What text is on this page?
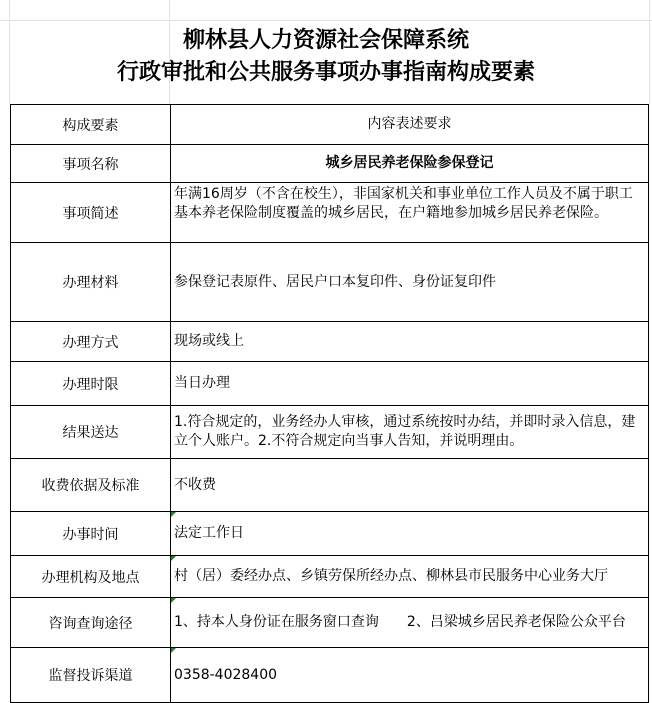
柳林县人力资源社会保障系统
行政审批和公共服务事项办事指南构成要素
构成要素	内容表述要求
事项名称	城乡居民养老保险参保登记
事项简述	年满16周岁（不含在校生），非国家机关和事业单位工作人员及不属于职工基本养老保险制度覆盖的城乡居民，在户籍地参加城乡居民养老保险。
办理材料	参保登记表原件、居民户口本复印件、身份证复印件
办理方式	现场或线上
办理时限	当日办理
结果送达	1.符合规定的，业务经办人审核，通过系统按时办结，并即时录入信息，建立个人账户。2.不符合规定向当事人告知，并说明理由。
收费依据及标准	不收费
办事时间	法定工作日
办理机构及地点	村（居）委经办点、乡镇劳保所经办点、柳林县市民服务中心业务大厅
咨询查询途径	1、持本人身份证在服务窗口查询　　2、吕梁城乡居民养老保险公众平台
监督投诉渠道	0358-4028400
